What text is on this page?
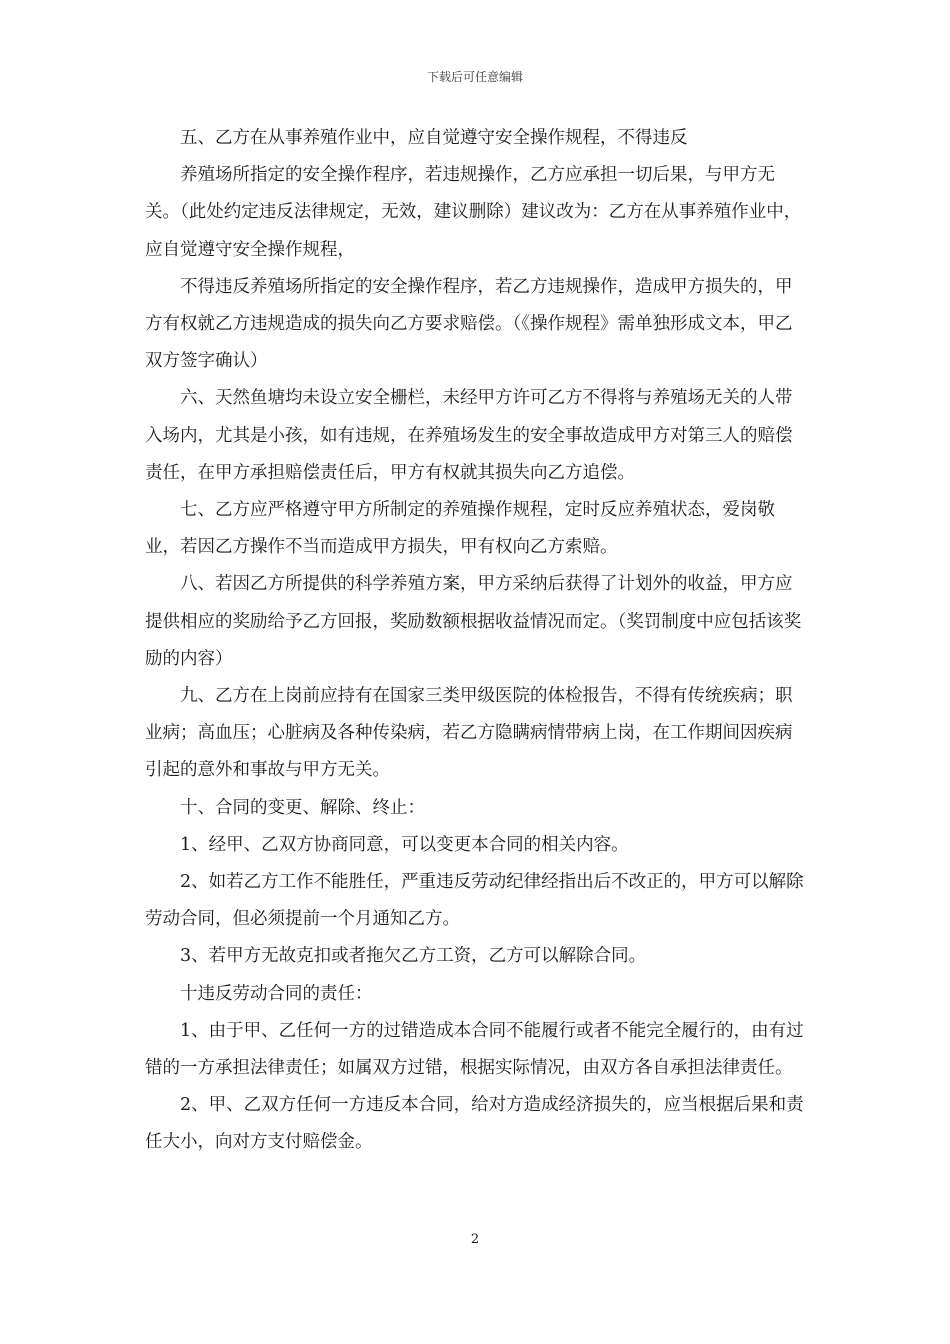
下载后可任意编辑

五、乙方在从事养殖作业中，应自觉遵守安全操作规程，不得违反

养殖场所指定的安全操作程序，若违规操作，乙方应承担一切后果，与甲方无关。（此处约定违反法律规定，无效，建议删除）建议改为：乙方在从事养殖作业中，应自觉遵守安全操作规程，

不得违反养殖场所指定的安全操作程序，若乙方违规操作，造成甲方损失的，甲方有权就乙方违规造成的损失向乙方要求赔偿。（《操作规程》需单独形成文本，甲乙双方签字确认）

六、天然鱼塘均未设立安全栅栏，未经甲方许可乙方不得将与养殖场无关的人带入场内，尤其是小孩，如有违规，在养殖场发生的安全事故造成甲方对第三人的赔偿责任，在甲方承担赔偿责任后，甲方有权就其损失向乙方追偿。

七、乙方应严格遵守甲方所制定的养殖操作规程，定时反应养殖状态，爱岗敬业，若因乙方操作不当而造成甲方损失，甲有权向乙方索赔。

八、若因乙方所提供的科学养殖方案，甲方采纳后获得了计划外的收益，甲方应提供相应的奖励给予乙方回报，奖励数额根据收益情况而定。（奖罚制度中应包括该奖励的内容）

九、乙方在上岗前应持有在国家三类甲级医院的体检报告，不得有传统疾病；职业病；高血压；心脏病及各种传染病，若乙方隐瞒病情带病上岗，在工作期间因疾病引起的意外和事故与甲方无关。

十、合同的变更、解除、终止：

1、经甲、乙双方协商同意，可以变更本合同的相关内容。

2、如若乙方工作不能胜任，严重违反劳动纪律经指出后不改正的，甲方可以解除劳动合同，但必须提前一个月通知乙方。

3、若甲方无故克扣或者拖欠乙方工资，乙方可以解除合同。

十违反劳动合同的责任：

1、由于甲、乙任何一方的过错造成本合同不能履行或者不能完全履行的，由有过错的一方承担法律责任；如属双方过错，根据实际情况，由双方各自承担法律责任。

2、甲、乙双方任何一方违反本合同，给对方造成经济损失的，应当根据后果和责任大小，向对方支付赔偿金。

2
